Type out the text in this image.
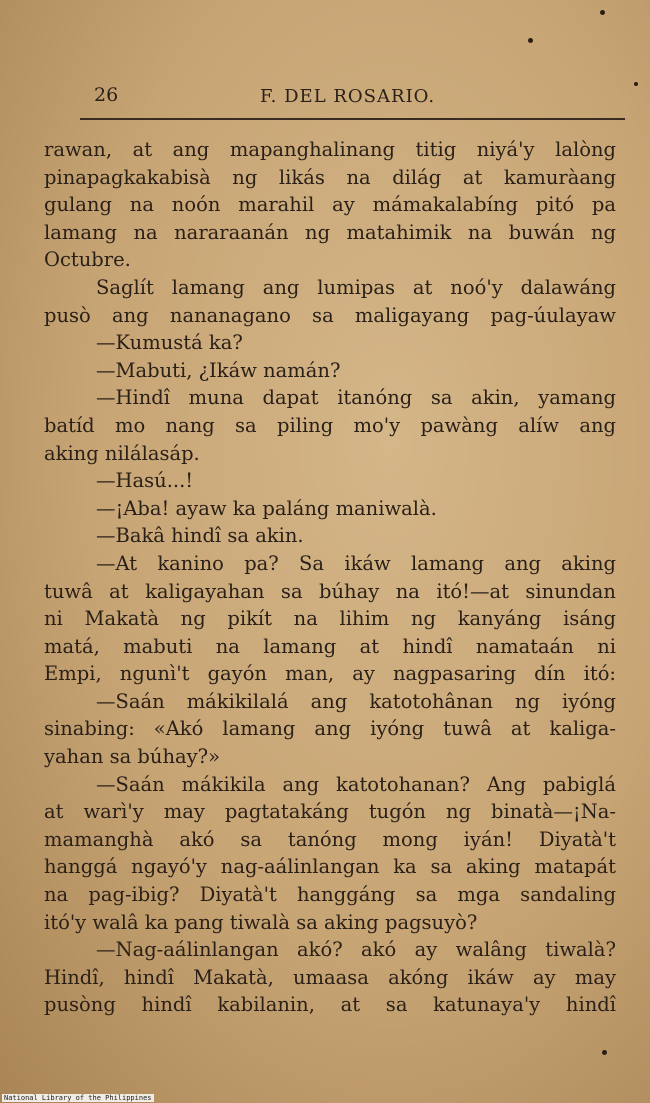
26	F. DEL ROSARIO.
rawan, at ang mapanghalinang titig niyá'y lalòng
pinapagkakabisà ng likás na dilág at kamuràang
gulang na noón marahil ay mámakalabíng pitó pa
lamang na nararaanán ng matahimik na buwán ng
Octubre.
Saglít lamang ang lumipas at noó'y dalawáng
pusò ang nananagano sa maligayang pag-úulayaw
—Kumustá ka?
—Mabuti, ¿Ikáw namán?
—Hindî muna dapat itanóng sa akin, yamang
batíd mo nang sa piling mo'y pawàng alíw ang
aking nilálasáp.
—Hasú...!
—¡Aba! ayaw ka paláng maniwalà.
—Bakâ hindî sa akin.
—At kanino pa? Sa ikáw lamang ang aking
tuwâ at kaligayahan sa búhay na itó!—at sinundan
ni Makatà ng pikít na lihim ng kanyáng isáng
matá, mabuti na lamang at hindî namataán ni
Empi, ngunì't gayón man, ay nagpasaring dín itó:
—Saán mákikilalá ang katotohânan ng iyóng
sinabing: «Akó lamang ang iyóng tuwâ at kaliga-
yahan sa búhay?»
—Saán mákikila ang katotohanan? Ang pabiglá
at warì'y may pagtatakáng tugón ng binatà—¡Na-
mamanghà akó sa tanóng mong iyán! Diyatà't
hanggá ngayó'y nag-aálinlangan ka sa aking matapát
na pag-ibig? Diyatà't hanggáng sa mga sandaling
itó'y walâ ka pang tiwalà sa aking pagsuyò?
—Nag-aálinlangan akó? akó ay walâng tiwalà?
Hindî, hindî Makatà, umaasa akóng ikáw ay may
pusòng hindî kabilanin, at sa katunaya'y hindî
National Library of the Philippines
